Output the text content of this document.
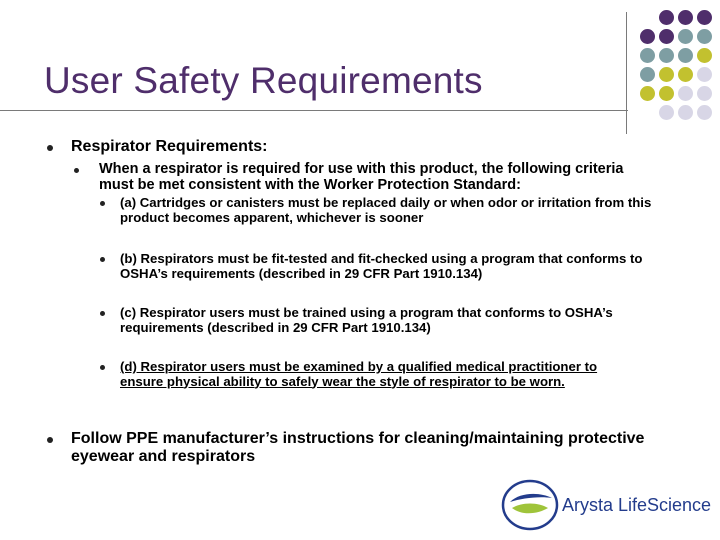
User Safety Requirements
Respirator Requirements:
When a respirator is required for use with this product, the following criteria must be met consistent with the Worker Protection Standard:
(a) Cartridges or canisters must be replaced daily or when odor or irritation from this product becomes apparent, whichever is sooner
(b) Respirators must be fit-tested and fit-checked using a program that conforms to OSHA’s requirements (described in 29 CFR Part 1910.134)
(c) Respirator users must be trained using a program that conforms to OSHA’s requirements (described in 29 CFR Part 1910.134)
(d) Respirator users must be examined by a qualified medical practitioner to ensure physical ability to safely wear the style of respirator to be worn.
Follow PPE manufacturer’s instructions for cleaning/maintaining protective eyewear and respirators
Arysta LifeScience
